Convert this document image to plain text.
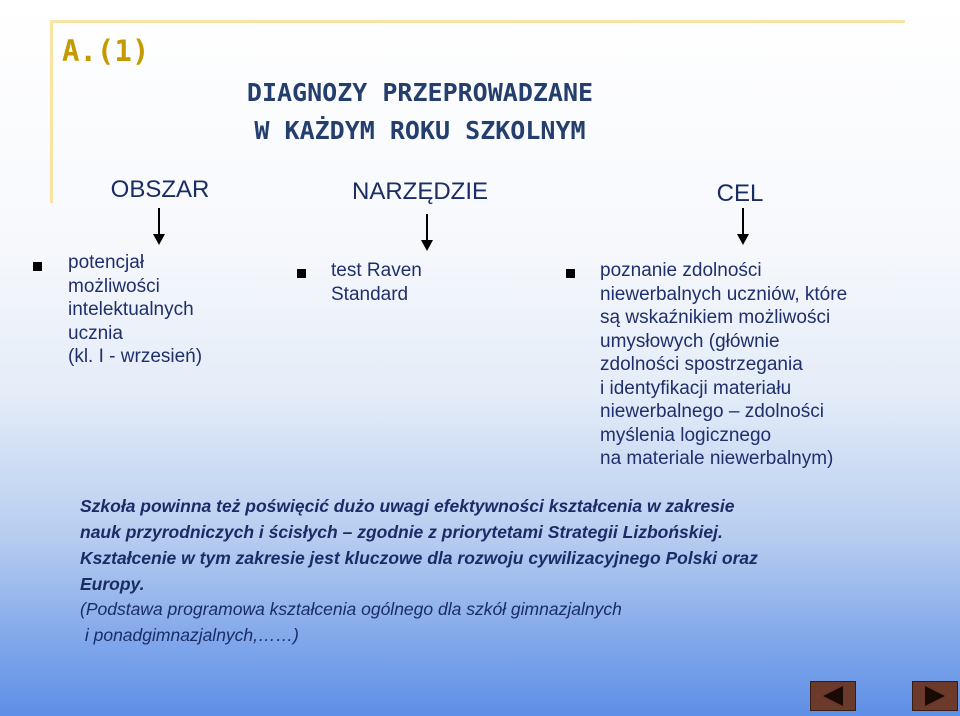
A.(1)
DIAGNOZY PRZEPROWADZANE
W KAŻDYM ROKU SZKOLNYM
OBSZAR	NARZĘDZIE	CEL
potencjał
możliwości
intelektualnych
ucznia
(kl. I - wrzesień)
test Raven
Standard
poznanie zdolności
niewerbalnych uczniów, które
są wskaźnikiem możliwości
umysłowych (głównie
zdolności spostrzegania
i identyfikacji materiału
niewerbalnego – zdolności
myślenia logicznego
na materiale niewerbalnym)
Szkoła powinna też poświęcić dużo uwagi efektywności kształcenia w zakresie
nauk przyrodniczych i ścisłych – zgodnie z priorytetami Strategii Lizbońskiej.
Kształcenie w tym zakresie jest kluczowe dla rozwoju cywilizacyjnego Polski oraz
Europy.
(Podstawa programowa kształcenia ogólnego dla szkół gimnazjalnych
i ponadgimnazjalnych,……)
